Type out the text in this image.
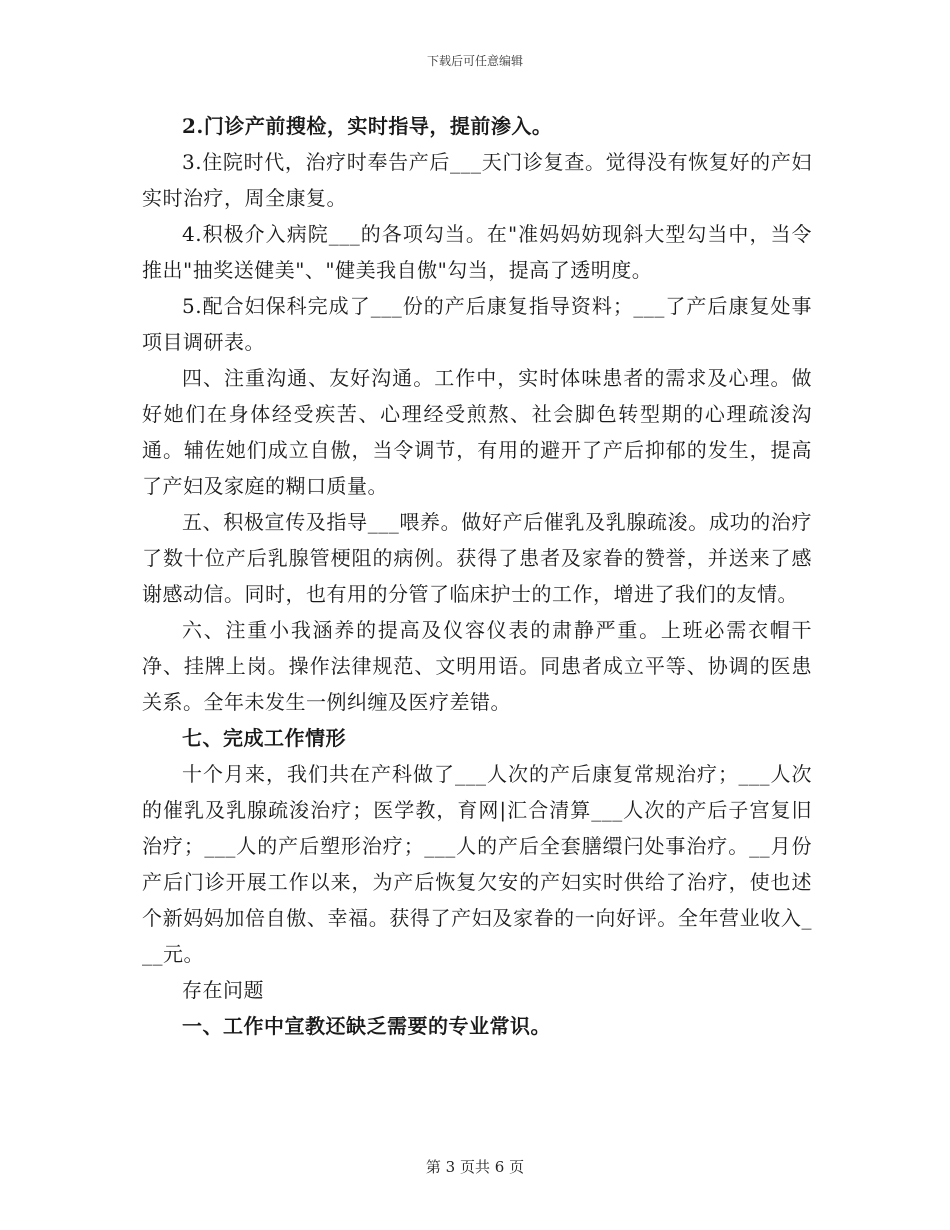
下载后可任意编辑

2.门诊产前搜检，实时指导，提前渗入。

3.住院时代，治疗时奉告产后___天门诊复查。觉得没有恢复好的产妇实时治疗，周全康复。

4.积极介入病院___的各项勾当。在"准妈妈妨现斜大型勾当中，当令推出"抽奖送健美"、"健美我自傲"勾当，提高了透明度。

5.配合妇保科完成了___份的产后康复指导资料；___了产后康复处事项目调研表。

四、注重沟通、友好沟通。工作中，实时体味患者的需求及心理。做好她们在身体经受疾苦、心理经受煎熬、社会脚色转型期的心理疏浚沟通。辅佐她们成立自傲，当令调节，有用的避开了产后抑郁的发生，提高了产妇及家庭的糊口质量。

五、积极宣传及指导___喂养。做好产后催乳及乳腺疏浚。成功的治疗了数十位产后乳腺管梗阻的病例。获得了患者及家眷的赞誉，并送来了感谢感动信。同时，也有用的分管了临床护士的工作，增进了我们的友情。

六、注重小我涵养的提高及仪容仪表的肃静严重。上班必需衣帽干净、挂牌上岗。操作法律规范、文明用语。同患者成立平等、协调的医患关系。全年未发生一例纠缠及医疗差错。

七、完成工作情形

十个月来，我们共在产科做了___人次的产后康复常规治疗；___人次的催乳及乳腺疏浚治疗；医学教，育网|汇合清算___人次的产后子宫复旧治疗；___人的产后塑形治疗；___人的产后全套膳缳闩处事治疗。__月份产后门诊开展工作以来，为产后恢复欠安的产妇实时供给了治疗，使也述个新妈妈加倍自傲、幸福。获得了产妇及家眷的一向好评。全年营业收入___元。

存在问题

一、工作中宣教还缺乏需要的专业常识。

第 3 页共 6 页
